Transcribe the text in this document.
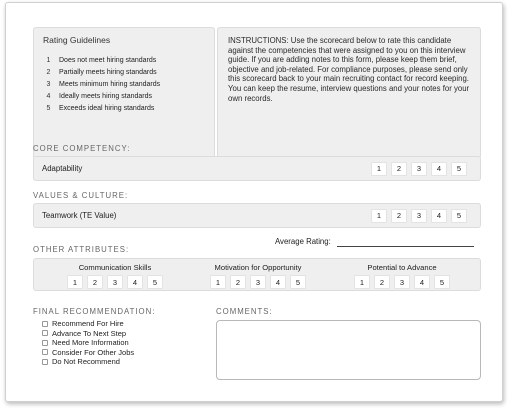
Rating Guidelines
1	Does not meet hiring standards
2	Partially meets hiring standards
3	Meets minimum hiring standards
4	Ideally meets hiring standards
5	Exceeds ideal hiring standards
INSTRUCTIONS: Use the scorecard below to rate this candidate against the competencies that were assigned to you on this interview guide. If you are adding notes to this form, please keep them brief, objective and job-related. For compliance purposes, please send only this scorecard back to your main recruiting contact for record keeping. You can keep the resume, interview questions and your notes for your own records.
CORE COMPETENCY:
Adaptability	1	2	3	4	5
VALUES & CULTURE:
Teamwork (TE Value)	1	2	3	4	5
Average Rating:
OTHER ATTRIBUTES:
Communication Skills
1	2	3	4	5
Motivation for Opportunity
1	2	3	4	5
Potential to Advance
1	2	3	4	5
FINAL RECOMMENDATION:
Recommend For Hire
Advance To Next Step
Need More Information
Consider For Other Jobs
Do Not Recommend
COMMENTS:
